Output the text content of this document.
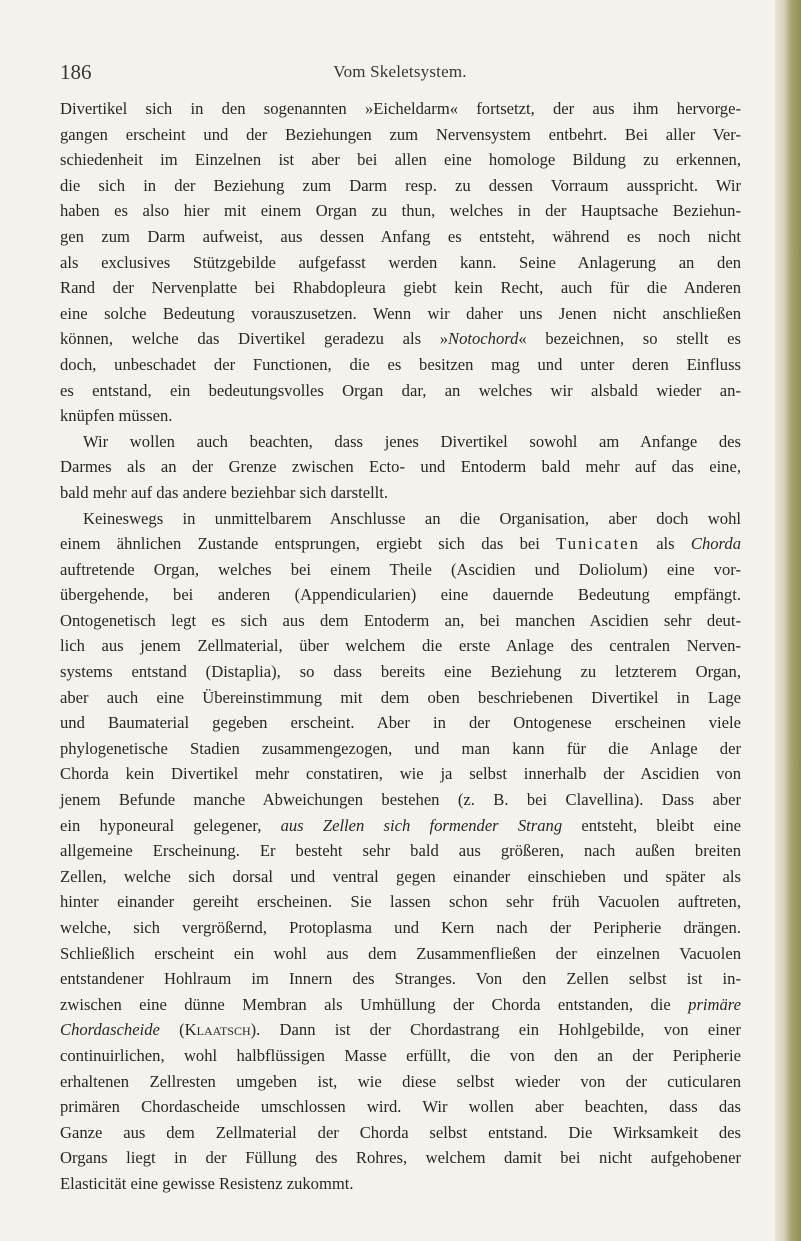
186	Vom Skeletsystem.
Divertikel sich in den sogenannten »Eicheldarm« fortsetzt, der aus ihm hervorge-
gangen erscheint und der Beziehungen zum Nervensystem entbehrt. Bei aller Ver-
schiedenheit im Einzelnen ist aber bei allen eine homologe Bildung zu erkennen,
die sich in der Beziehung zum Darm resp. zu dessen Vorraum ausspricht. Wir
haben es also hier mit einem Organ zu thun, welches in der Hauptsache Beziehun-
gen zum Darm aufweist, aus dessen Anfang es entsteht, während es noch nicht
als exclusives Stützgebilde aufgefasst werden kann. Seine Anlagerung an den
Rand der Nervenplatte bei Rhabdopleura giebt kein Recht, auch für die Anderen
eine solche Bedeutung vorauszusetzen. Wenn wir daher uns Jenen nicht anschließen
können, welche das Divertikel geradezu als »Notochord« bezeichnen, so stellt es
doch, unbeschadet der Functionen, die es besitzen mag und unter deren Einfluss
es entstand, ein bedeutungsvolles Organ dar, an welches wir alsbald wieder an-
knüpfen müssen.
Wir wollen auch beachten, dass jenes Divertikel sowohl am Anfange des
Darmes als an der Grenze zwischen Ecto- und Entoderm bald mehr auf das eine,
bald mehr auf das andere beziehbar sich darstellt.
Keineswegs in unmittelbarem Anschlusse an die Organisation, aber doch wohl
einem ähnlichen Zustande entsprungen, ergiebt sich das bei Tunicaten als Chorda
auftretende Organ, welches bei einem Theile (Ascidien und Doliolum) eine vor-
übergehende, bei anderen (Appendicularien) eine dauernde Bedeutung empfängt.
Ontogenetisch legt es sich aus dem Entoderm an, bei manchen Ascidien sehr deut-
lich aus jenem Zellmaterial, über welchem die erste Anlage des centralen Nerven-
systems entstand (Distaplia), so dass bereits eine Beziehung zu letzterem Organ,
aber auch eine Übereinstimmung mit dem oben beschriebenen Divertikel in Lage
und Baumaterial gegeben erscheint. Aber in der Ontogenese erscheinen viele
phylogenetische Stadien zusammengezogen, und man kann für die Anlage der
Chorda kein Divertikel mehr constatiren, wie ja selbst innerhalb der Ascidien von
jenem Befunde manche Abweichungen bestehen (z. B. bei Clavellina). Dass aber
ein hyponeural gelegener, aus Zellen sich formender Strang entsteht, bleibt eine
allgemeine Erscheinung. Er besteht sehr bald aus größeren, nach außen breiten
Zellen, welche sich dorsal und ventral gegen einander einschieben und später als
hinter einander gereiht erscheinen. Sie lassen schon sehr früh Vacuolen auftreten,
welche, sich vergrößernd, Protoplasma und Kern nach der Peripherie drängen.
Schließlich erscheint ein wohl aus dem Zusammenfließen der einzelnen Vacuolen
entstandener Hohlraum im Innern des Stranges. Von den Zellen selbst ist in-
zwischen eine dünne Membran als Umhüllung der Chorda entstanden, die primäre
Chordascheide (Klaatsch). Dann ist der Chordastrang ein Hohlgebilde, von einer
continuirlichen, wohl halbflüssigen Masse erfüllt, die von den an der Peripherie
erhaltenen Zellresten umgeben ist, wie diese selbst wieder von der cuticularen
primären Chordascheide umschlossen wird. Wir wollen aber beachten, dass das
Ganze aus dem Zellmaterial der Chorda selbst entstand. Die Wirksamkeit des
Organs liegt in der Füllung des Rohres, welchem damit bei nicht aufgehobener
Elasticität eine gewisse Resistenz zukommt.
